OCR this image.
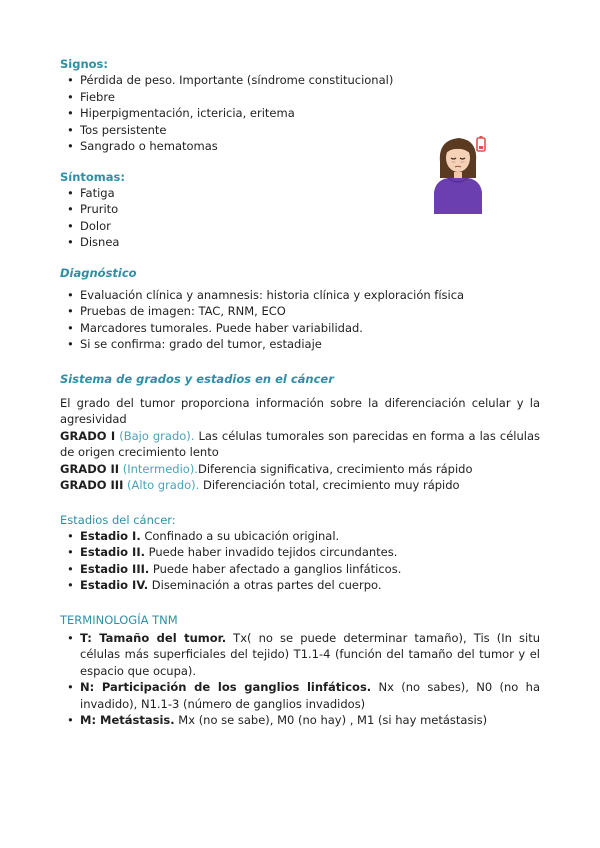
Signos:
• Pérdida de peso. Importante (síndrome constitucional)
• Fiebre
• Hiperpigmentación, ictericia, eritema
• Tos persistente
• Sangrado o hematomas
Síntomas:
• Fatiga
• Prurito
• Dolor
• Disnea
Diagnóstico
• Evaluación clínica y anamnesis: historia clínica y exploración física
• Pruebas de imagen: TAC, RNM, ECO
• Marcadores tumorales. Puede haber variabilidad.
• Si se confirma: grado del tumor, estadiaje
Sistema de grados y estadios en el cáncer

El grado del tumor proporciona información sobre la diferenciación celular y la agresividad

GRADO I (Bajo grado). Las células tumorales son parecidas en forma a las células de origen crecimiento lento

GRADO II (Intermedio).Diferencia significativa, crecimiento más rápido

GRADO III (Alto grado). Diferenciación total, crecimiento muy rápido

Estadios del cáncer:
• Estadio I. Confinado a su ubicación original.
• Estadio II. Puede haber invadido tejidos circundantes.
• Estadio III. Puede haber afectado a ganglios linfáticos.
• Estadio IV. Diseminación a otras partes del cuerpo.
TERMINOLOGÍA TNM
• T: Tamaño del tumor. Tx( no se puede determinar tamaño), Tis (In situ células más superficiales del tejido) T1.1-4 (función del tamaño del tumor y el espacio que ocupa).
• N: Participación de los ganglios linfáticos. Nx (no sabes), N0 (no ha invadido), N1.1-3 (número de ganglios invadidos)
• M: Metástasis. Mx (no se sabe), M0 (no hay) , M1 (si hay metástasis)
